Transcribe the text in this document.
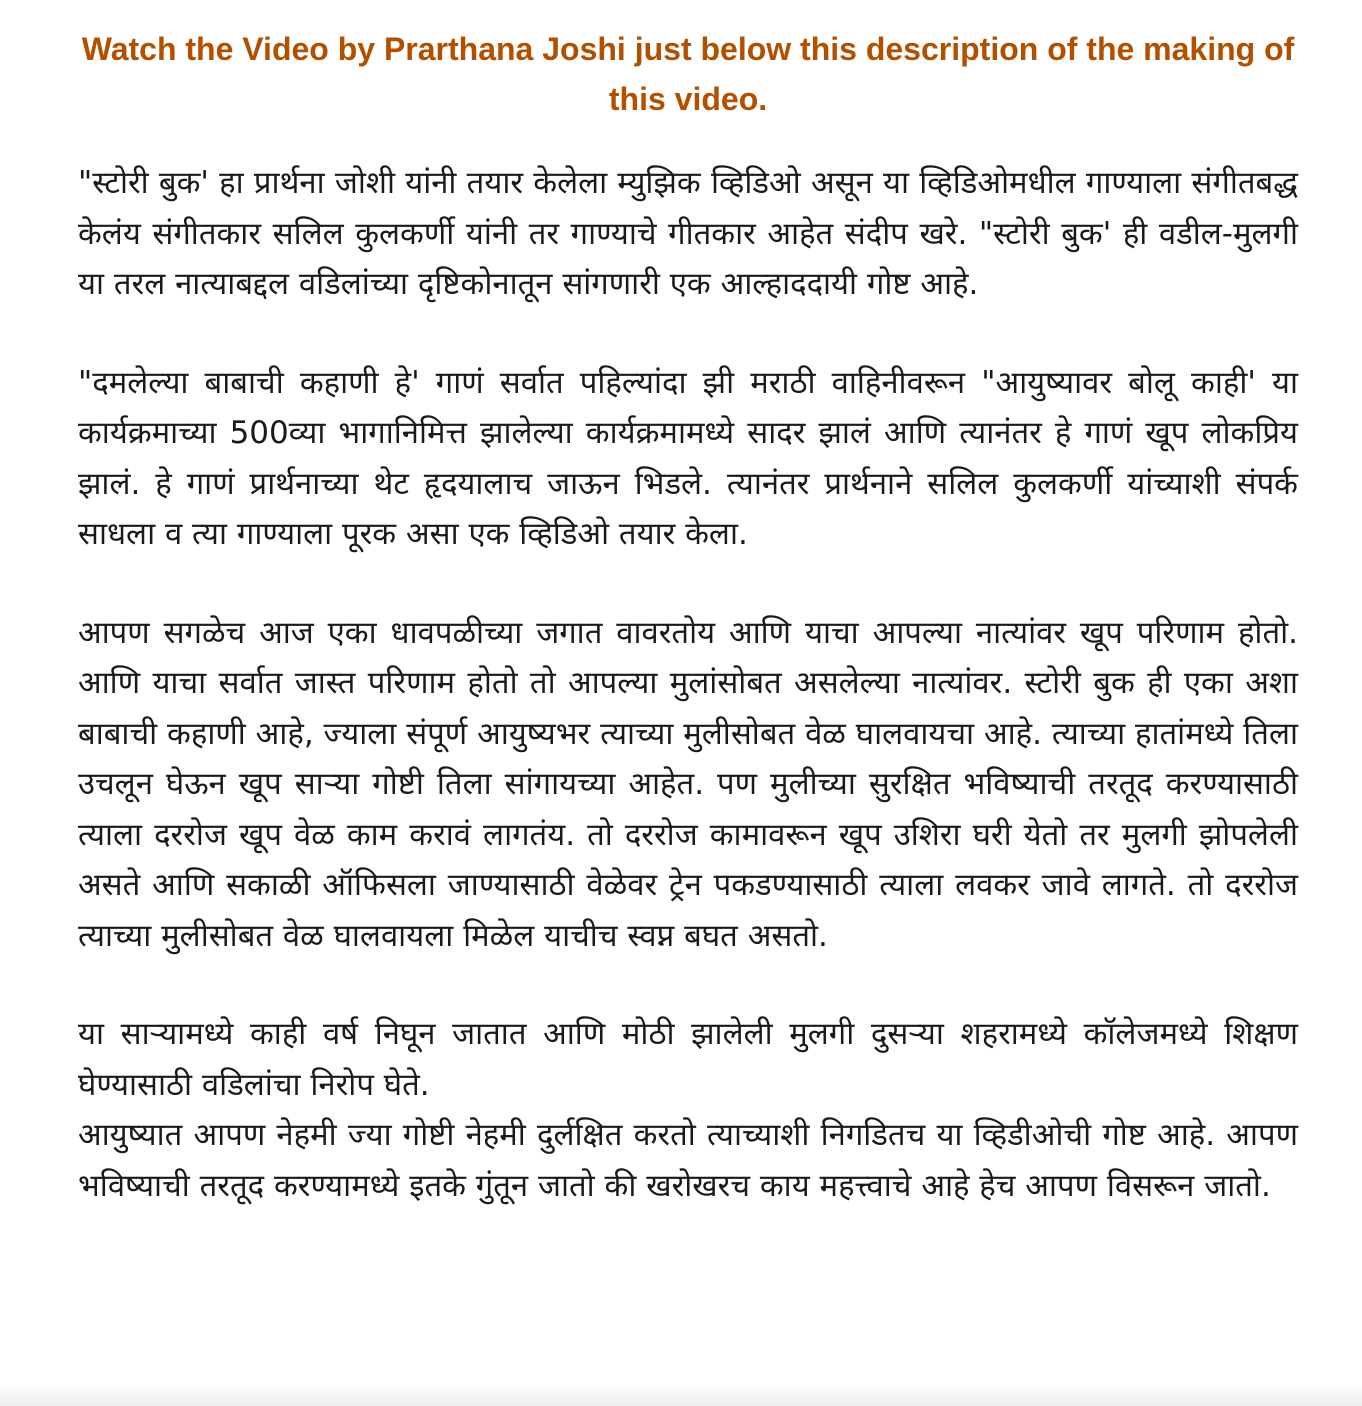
Watch the Video by Prarthana Joshi just below this description of the making of this video.

"स्टोरी बुक' हा प्रार्थना जोशी यांनी तयार केलेला म्युझिक व्हिडिओ असून या व्हिडिओमधील गाण्याला संगीतबद्ध केलंय संगीतकार सलिल कुलकर्णी यांनी तर गाण्याचे गीतकार आहेत संदीप खरे. "स्टोरी बुक' ही वडील-मुलगी या तरल नात्याबद्दल वडिलांच्या दृष्टिकोनातून सांगणारी एक आल्हाददायी गोष्ट आहे.

"दमलेल्या बाबाची कहाणी हे' गाणं सर्वात पहिल्यांदा झी मराठी वाहिनीवरून "आयुष्यावर बोलू काही' या कार्यक्रमाच्या 500व्या भागानिमित्त झालेल्या कार्यक्रमामध्ये सादर झालं आणि त्यानंतर हे गाणं खूप लोकप्रिय झालं. हे गाणं प्रार्थनाच्या थेट हृदयालाच जाऊन भिडले. त्यानंतर प्रार्थनाने सलिल कुलकर्णी यांच्याशी संपर्क साधला व त्या गाण्याला पूरक असा एक व्हिडिओ तयार केला.

आपण सगळेच आज एका धावपळीच्या जगात वावरतोय आणि याचा आपल्या नात्यांवर खूप परिणाम होतो. आणि याचा सर्वात जास्त परिणाम होतो तो आपल्या मुलांसोबत असलेल्या नात्यांवर. स्टोरी बुक ही एका अशा बाबाची कहाणी आहे, ज्याला संपूर्ण आयुष्यभर त्याच्या मुलीसोबत वेळ घालवायचा आहे. त्याच्या हातांमध्ये तिला उचलून घेऊन खूप साऱ्या गोष्टी तिला सांगायच्या आहेत. पण मुलीच्या सुरक्षित भविष्याची तरतूद करण्यासाठी त्याला दररोज खूप वेळ काम करावं लागतंय. तो दररोज कामावरून खूप उशिरा घरी येतो तर मुलगी झोपलेली असते आणि सकाळी ऑफिसला जाण्यासाठी वेळेवर ट्रेन पकडण्यासाठी त्याला लवकर जावे लागते. तो दररोज त्याच्या मुलीसोबत वेळ घालवायला मिळेल याचीच स्वप्न बघत असतो.

या साऱ्यामध्ये काही वर्ष निघून जातात आणि मोठी झालेली मुलगी दुसऱ्या शहरामध्ये कॉलेजमध्ये शिक्षण घेण्यासाठी वडिलांचा निरोप घेते.

आयुष्यात आपण नेहमी ज्या गोष्टी नेहमी दुर्लक्षित करतो त्याच्याशी निगडितच या व्हिडीओची गोष्ट आहे. आपण भविष्याची तरतूद करण्यामध्ये इतके गुंतून जातो की खरोखरच काय महत्त्वाचे आहे हेच आपण विसरून जातो.
